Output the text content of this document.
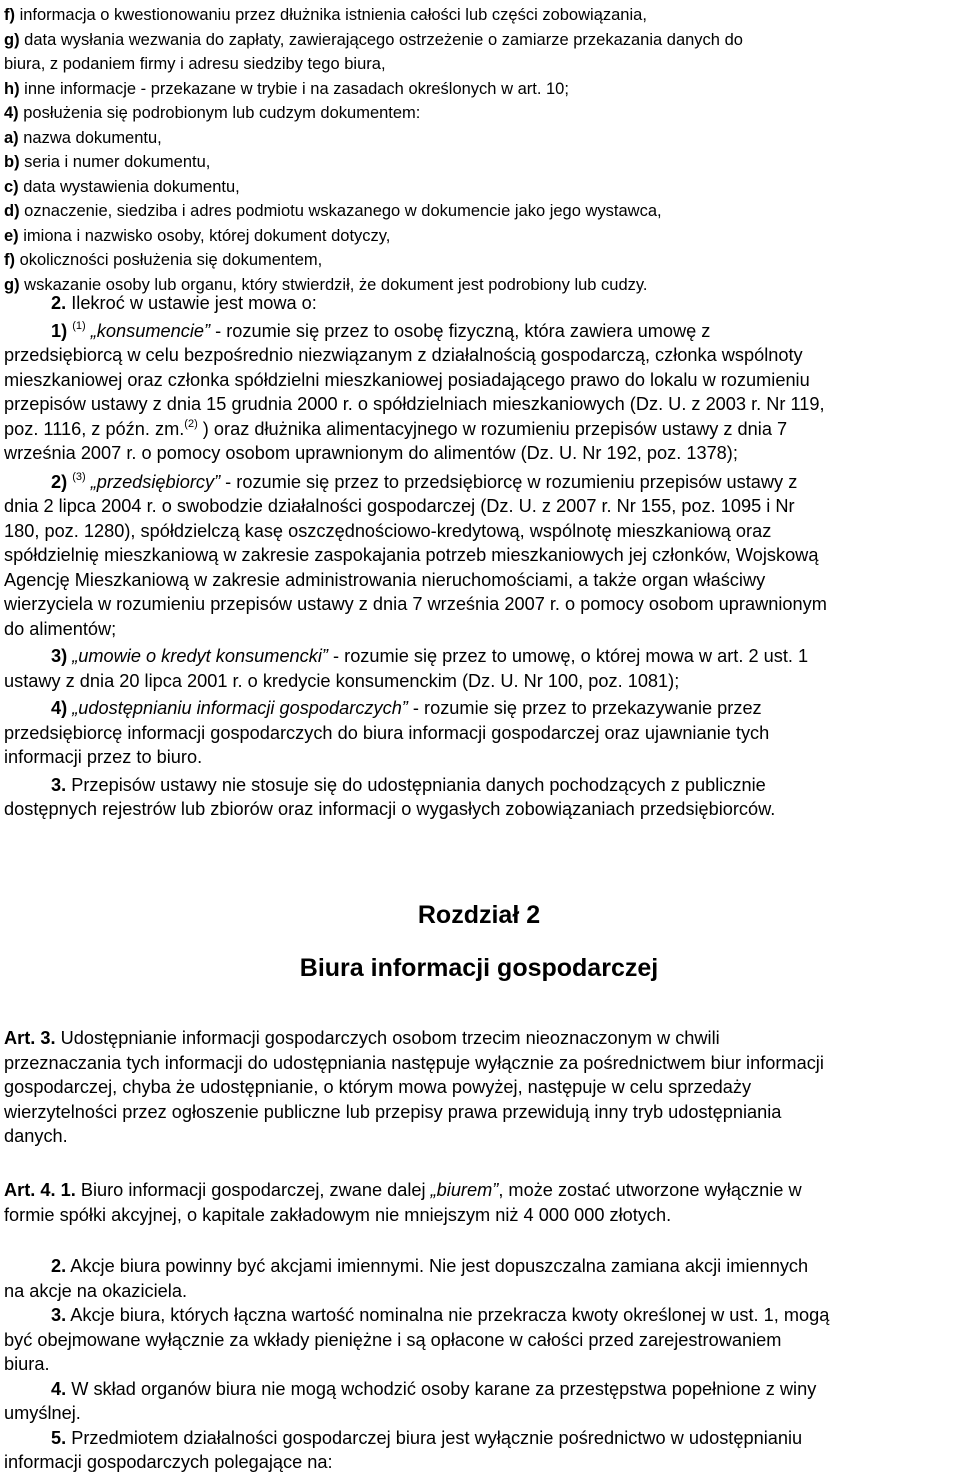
f) informacja o kwestionowaniu przez dłużnika istnienia całości lub części zobowiązania,

g) data wysłania wezwania do zapłaty, zawierającego ostrzeżenie o zamiarze przekazania danych do

biura, z podaniem firmy i adresu siedziby tego biura,

h) inne informacje - przekazane w trybie i na zasadach określonych w art. 10;

4) posłużenia się podrobionym lub cudzym dokumentem:

a) nazwa dokumentu,

b) seria i numer dokumentu,

c) data wystawienia dokumentu,

d) oznaczenie, siedziba i adres podmiotu wskazanego w dokumencie jako jego wystawca,

e) imiona i nazwisko osoby, której dokument dotyczy,

f) okoliczności posłużenia się dokumentem,

g) wskazanie osoby lub organu, który stwierdził, że dokument jest podrobiony lub cudzy.

2. Ilekroć w ustawie jest mowa o:

1) $^{(1)}$ „konsumencie” - rozumie się przez to osobę fizyczną, która zawiera umowę z

przedsiębiorcą w celu bezpośrednio niezwiązanym z działalnością gospodarczą, członka wspólnoty

mieszkaniowej oraz członka spółdzielni mieszkaniowej posiadającego prawo do lokalu w rozumieniu

przepisów ustawy z dnia 15 grudnia 2000 r. o spółdzielniach mieszkaniowych (Dz. U. z 2003 r. Nr 119,

poz. 1116, z późn. zm.$^{(2)}$ ) oraz dłużnika alimentacyjnego w rozumieniu przepisów ustawy z dnia 7

września 2007 r. o pomocy osobom uprawnionym do alimentów (Dz. U. Nr 192, poz. 1378);

2) $^{(3)}$ „przedsiębiorcy” - rozumie się przez to przedsiębiorcę w rozumieniu przepisów ustawy z

dnia 2 lipca 2004 r. o swobodzie działalności gospodarczej (Dz. U. z 2007 r. Nr 155, poz. 1095 i Nr

180, poz. 1280), spółdzielczą kasę oszczędnościowo-kredytową, wspólnotę mieszkaniową oraz

spółdzielnię mieszkaniową w zakresie zaspokajania potrzeb mieszkaniowych jej członków, Wojskową

Agencję Mieszkaniową w zakresie administrowania nieruchomościami, a także organ właściwy

wierzyciela w rozumieniu przepisów ustawy z dnia 7 września 2007 r. o pomocy osobom uprawnionym

do alimentów;

3) „umowie o kredyt konsumencki” - rozumie się przez to umowę, o której mowa w art. 2 ust. 1

ustawy z dnia 20 lipca 2001 r. o kredycie konsumenckim (Dz. U. Nr 100, poz. 1081);

4) „udostępnianiu informacji gospodarczych” - rozumie się przez to przekazywanie przez

przedsiębiorcę informacji gospodarczych do biura informacji gospodarczej oraz ujawnianie tych

informacji przez to biuro.

3. Przepisów ustawy nie stosuje się do udostępniania danych pochodzących z publicznie

dostępnych rejestrów lub zbiorów oraz informacji o wygasłych zobowiązaniach przedsiębiorców.

Rozdział 2
Biura informacji gospodarczej

Art. 3. Udostępnianie informacji gospodarczych osobom trzecim nieoznaczonym w chwili

przeznaczania tych informacji do udostępniania następuje wyłącznie za pośrednictwem biur informacji

gospodarczej, chyba że udostępnianie, o którym mowa powyżej, następuje w celu sprzedaży

wierzytelności przez ogłoszenie publiczne lub przepisy prawa przewidują inny tryb udostępniania

danych.

Art. 4. 1. Biuro informacji gospodarczej, zwane dalej „biurem”, może zostać utworzone wyłącznie w

formie spółki akcyjnej, o kapitale zakładowym nie mniejszym niż 4 000 000 złotych.

2. Akcje biura powinny być akcjami imiennymi. Nie jest dopuszczalna zamiana akcji imiennych

na akcje na okaziciela.

3. Akcje biura, których łączna wartość nominalna nie przekracza kwoty określonej w ust. 1, mogą

być obejmowane wyłącznie za wkłady pieniężne i są opłacone w całości przed zarejestrowaniem

biura.

4. W skład organów biura nie mogą wchodzić osoby karane za przestępstwa popełnione z winy

umyślnej.

5. Przedmiotem działalności gospodarczej biura jest wyłącznie pośrednictwo w udostępnianiu

informacji gospodarczych polegające na:
